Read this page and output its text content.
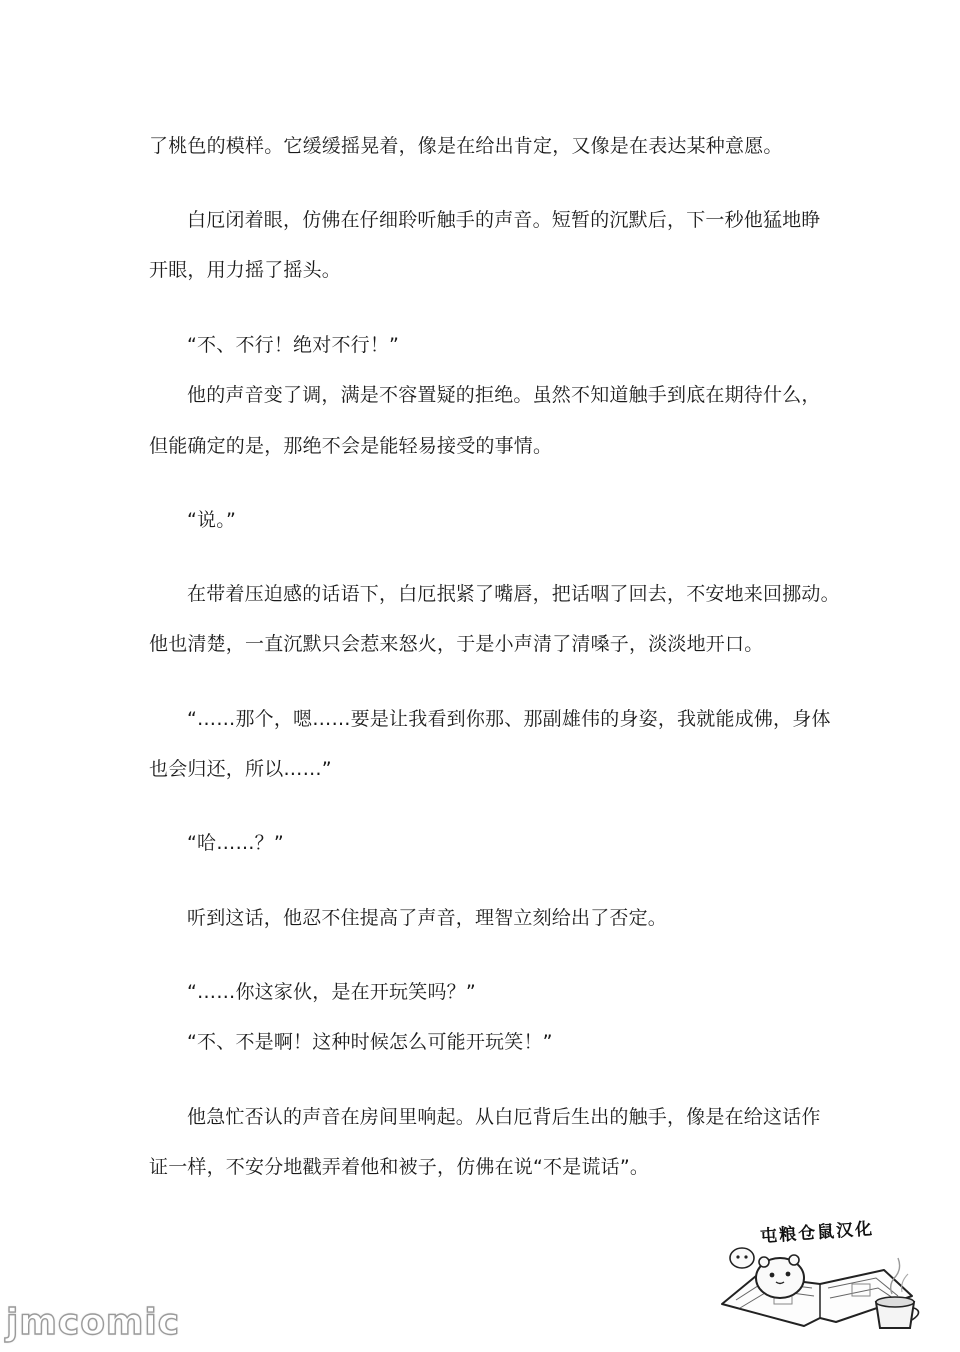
了桃色的模样。它缓缓摇晃着，像是在给出肯定，又像是在表达某种意愿。

白厄闭着眼，仿佛在仔细聆听触手的声音。短暂的沉默后，下一秒他猛地睁

开眼，用力摇了摇头。

“不、不行！绝对不行！”

他的声音变了调，满是不容置疑的拒绝。虽然不知道触手到底在期待什么，

但能确定的是，那绝不会是能轻易接受的事情。

“说。”

在带着压迫感的话语下，白厄抿紧了嘴唇，把话咽了回去，不安地来回挪动。

他也清楚，一直沉默只会惹来怒火，于是小声清了清嗓子，淡淡地开口。

“……那个，嗯……要是让我看到你那、那副雄伟的身姿，我就能成佛，身体

也会归还，所以……”

“哈……？”

听到这话，他忍不住提高了声音，理智立刻给出了否定。

“……你这家伙，是在开玩笑吗？”

“不、不是啊！这种时候怎么可能开玩笑！”

他急忙否认的声音在房间里响起。从白厄背后生出的触手，像是在给这话作

证一样，不安分地戳弄着他和被子，仿佛在说“不是谎话”。

屯粮仓鼠汉化
jmcomic
